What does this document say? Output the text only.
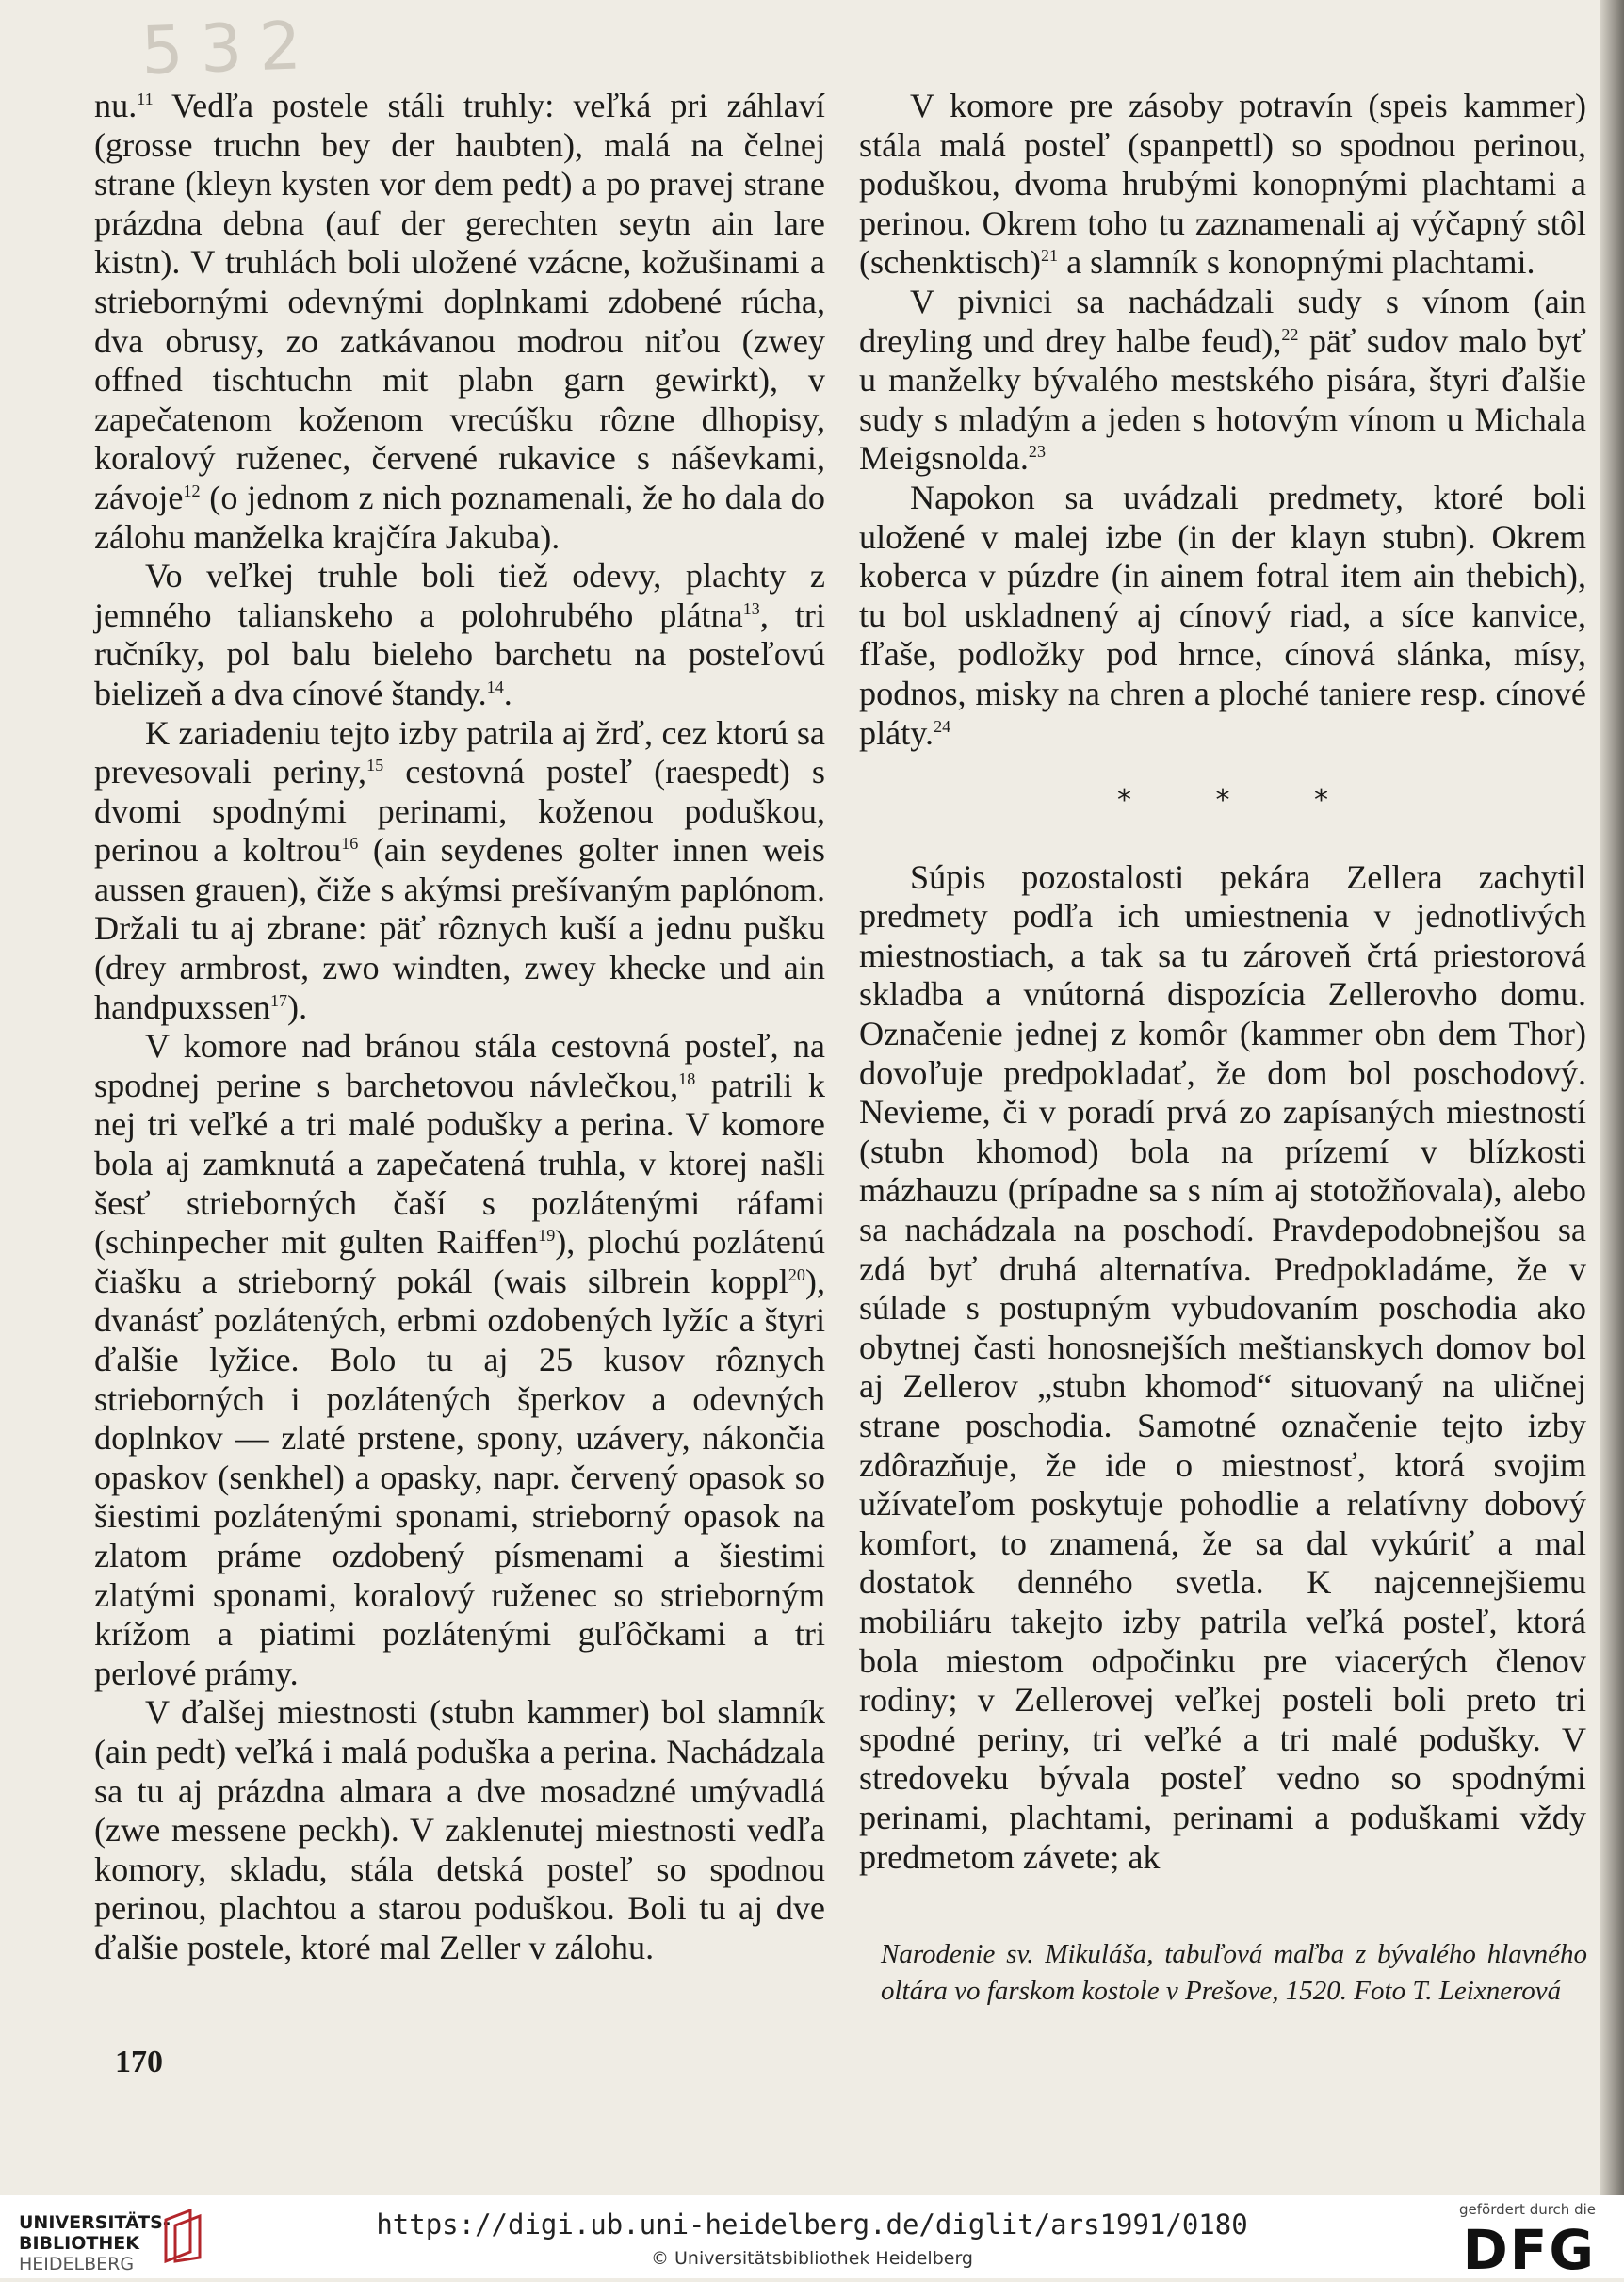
532

nu.$^{11}$ Vedľa postele stáli truhly: veľká pri záhlaví (grosse truchn bey der haubten), malá na čelnej strane (kleyn kysten vor dem pedt) a po pravej strane prázdna debna (auf der gerechten seytn ain lare kistn). V truhlách boli uložené vzácne, kožušinami a striebornými odevnými doplnkami zdobené rúcha, dva obrusy, zo zatkávanou modrou niťou (zwey offned tischtuchn mit plabn garn gewirkt), v zapečatenom koženom vrecúšku rôzne dlhopisy, koralový ruženec, červené rukavice s náševkami, závoje$^{12}$ (o jednom z nich poznamenali, že ho dala do zálohu manželka krajčíra Jakuba).

Vo veľkej truhle boli tiež odevy, plachty z jemného talianskeho a polohrubého plátna$^{13}$, tri ručníky, pol balu bieleho barchetu na posteľovú bielizeň a dva cínové štandy.$^{14}$.

K zariadeniu tejto izby patrila aj žrď, cez ktorú sa prevesovali periny,$^{15}$ cestovná posteľ (raespedt) s dvomi spodnými perinami, koženou poduškou, perinou a koltrou$^{16}$ (ain seydenes golter innen weis aussen grauen), čiže s akýmsi prešívaným paplónom. Držali tu aj zbrane: päť rôznych kuší a jednu pušku (drey armbrost, zwo windten, zwey khecke und ain handpuxssen$^{17}$).

V komore nad bránou stála cestovná posteľ, na spodnej perine s barchetovou návlečkou,$^{18}$ patrili k nej tri veľké a tri malé podušky a perina. V komore bola aj zamknutá a zapečatená truhla, v ktorej našli šesť strieborných čaší s pozlátenými ráfami (schinpecher mit gulten Raiffen$^{19}$), plochú pozlátenú čiašku a strieborný pokál (wais silbrein koppl$^{20}$), dvanásť pozlátených, erbmi ozdobených lyžíc a štyri ďalšie lyžice. Bolo tu aj 25 kusov rôznych strieborných i pozlátených šperkov a odevných doplnkov — zlaté prstene, spony, uzávery, nákončia opaskov (senkhel) a opasky, napr. červený opasok so šiestimi pozlátenými sponami, strieborný opasok na zlatom práme ozdobený písmenami a šiestimi zlatými sponami, koralový ruženec so strieborným krížom a piatimi pozlátenými guľôčkami a tri perlové prámy.

V ďalšej miestnosti (stubn kammer) bol slamník (ain pedt) veľká i malá poduška a perina. Nachádzala sa tu aj prázdna almara a dve mosadzné umývadlá (zwe messene peckh). V zaklenutej miestnosti vedľa komory, skladu, stála detská posteľ so spodnou perinou, plachtou a starou poduškou. Boli tu aj dve ďalšie postele, ktoré mal Zeller v zálohu.

V komore pre zásoby potravín (speis kammer) stála malá posteľ (spanpettl) so spodnou perinou, poduškou, dvoma hrubými konopnými plachtami a perinou. Okrem toho tu zaznamenali aj výčapný stôl (schenktisch)$^{21}$ a slamník s konopnými plachtami.

V pivnici sa nachádzali sudy s vínom (ain dreyling und drey halbe feud),$^{22}$ päť sudov malo byť u manželky bývalého mestského pisára, štyri ďalšie sudy s mladým a jeden s hotovým vínom u Michala Meigsnolda.$^{23}$

Napokon sa uvádzali predmety, ktoré boli uložené v malej izbe (in der klayn stubn). Okrem koberca v púzdre (in ainem fotral item ain thebich), tu bol uskladnený aj cínový riad, a síce kanvice, fľaše, podložky pod hrnce, cínová slánka, mísy, podnos, misky na chren a ploché taniere resp. cínové pláty.$^{24}$

* * *

Súpis pozostalosti pekára Zellera zachytil predmety podľa ich umiestnenia v jednotlivých miestnostiach, a tak sa tu zároveň črtá priestorová skladba a vnútorná dispozícia Zellerovho domu. Označenie jednej z komôr (kammer obn dem Thor) dovoľuje predpokladať, že dom bol poschodový. Nevieme, či v poradí prvá zo zapísaných miestností (stubn khomod) bola na prízemí v blízkosti mázhauzu (prípadne sa s ním aj stotožňovala), alebo sa nachádzala na poschodí. Pravdepodobnejšou sa zdá byť druhá alternatíva. Predpokladáme, že v súlade s postupným vybudovaním poschodia ako obytnej časti honosnejších meštianskych domov bol aj Zellerov „stubn khomod“ situovaný na uličnej strane poschodia. Samotné označenie tejto izby zdôrazňuje, že ide o miestnosť, ktorá svojim užívateľom poskytuje pohodlie a relatívny dobový komfort, to znamená, že sa dal vykúriť a mal dostatok denného svetla. K najcennejšiemu mobiliáru takejto izby patrila veľká posteľ, ktorá bola miestom odpočinku pre viacerých členov rodiny; v Zellerovej veľkej posteli boli preto tri spodné periny, tri veľké a tri malé podušky. V stredoveku bývala posteľ vedno so spodnými perinami, plachtami, perinami a poduškami vždy predmetom závete; ak

Narodenie sv. Mikuláša, tabuľová maľba z bývalého hlavného oltára vo farskom kostole v Prešove, 1520. Foto T. Leixnerová
170
UNIVERSITÄTS-
BIBLIOTHEK
HEIDELBERG
https://digi.ub.uni-heidelberg.de/diglit/ars1991/0180
© Universitätsbibliothek Heidelberg
gefördert durch die
DFG
